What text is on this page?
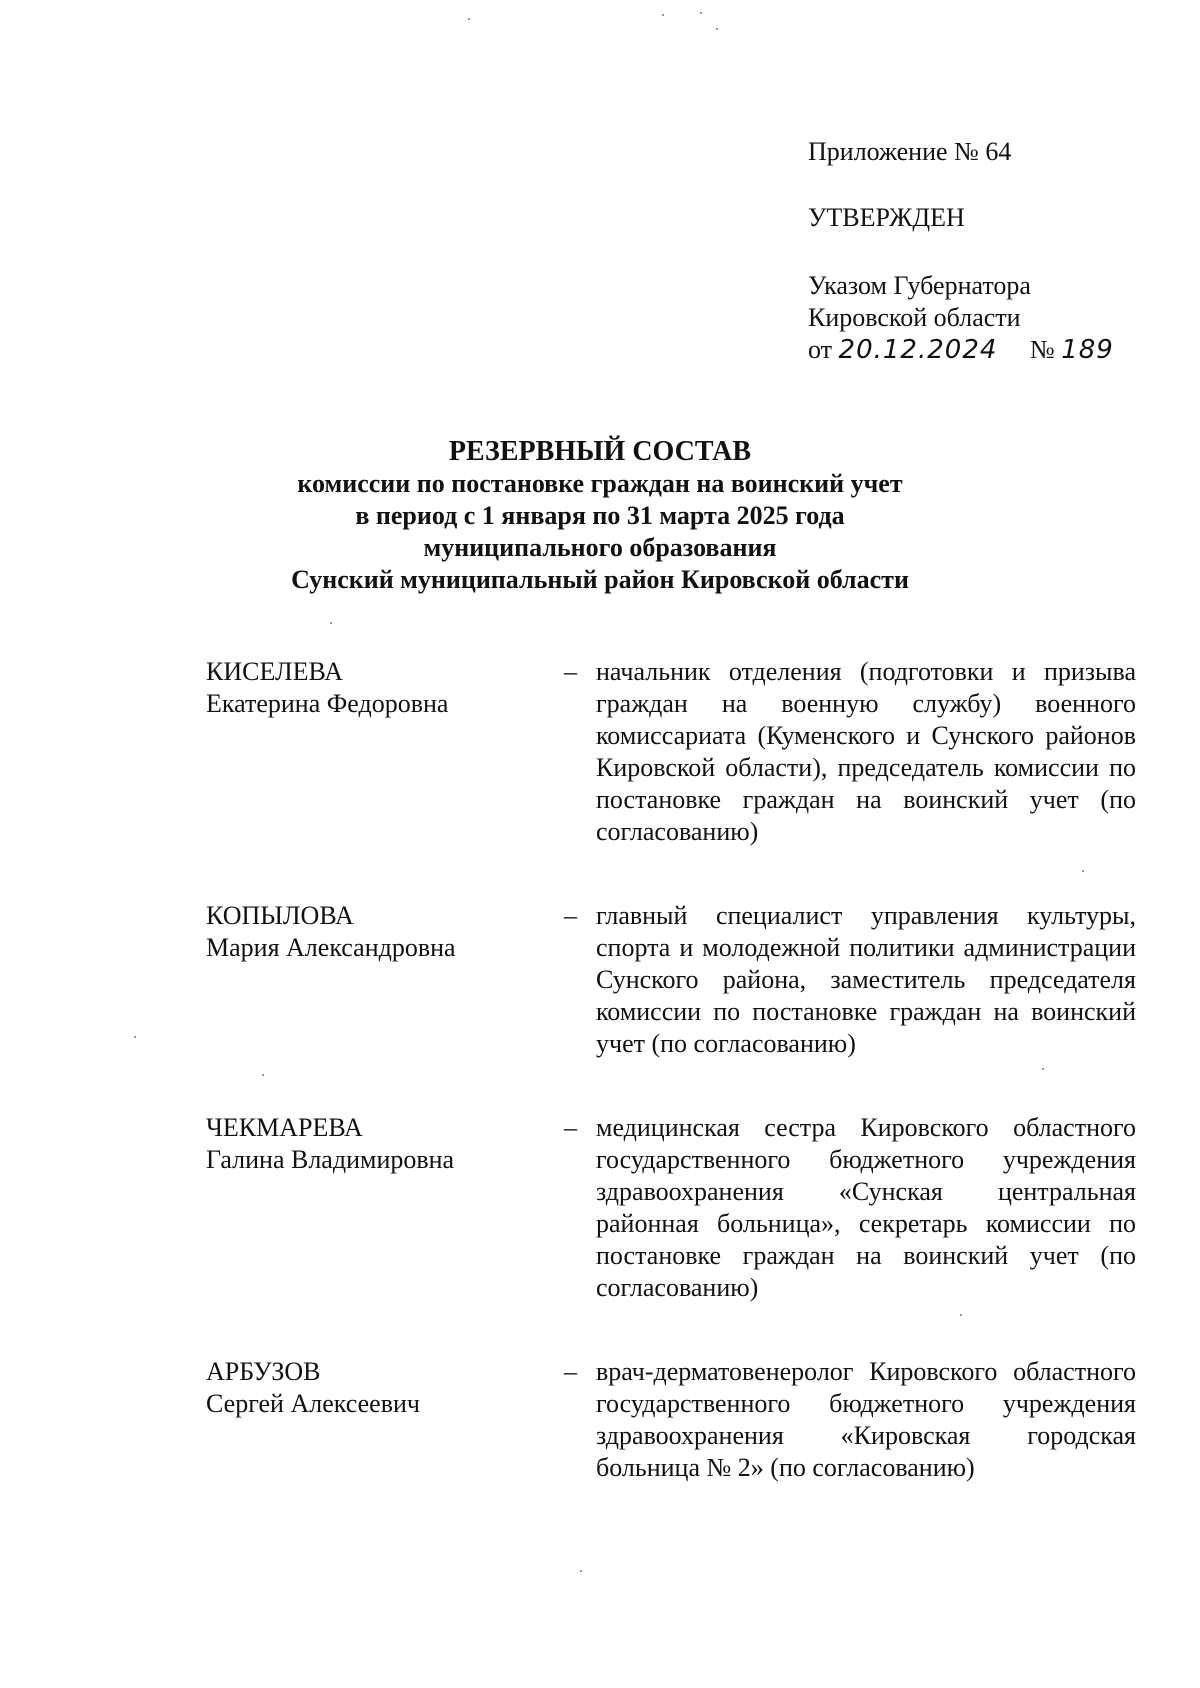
Приложение № 64
УТВЕРЖДЕН
Указом Губернатора
Кировской области
от 20.12.2024 № 189
РЕЗЕРВНЫЙ СОСТАВ
комиссии по постановке граждан на воинский учет
в период с 1 января по 31 марта 2025 года
муниципального образования
Сунский муниципальный район Кировской области
КИСЕЛЕВА
Екатерина Федоровна
– начальник отделения (подготовки и призыва граждан на военную службу) военного комиссариата (Куменского и Сунского районов Кировской области), председатель комиссии по постановке граждан на воинский учет (по согласованию)
КОПЫЛОВА
Мария Александровна
– главный специалист управления культуры, спорта и молодежной политики администрации Сунского района, заместитель председателя комиссии по постановке граждан на воинский учет (по согласованию)
ЧЕКМАРЕВА
Галина Владимировна
– медицинская сестра Кировского областного государственного бюджетного учреждения здравоохранения «Сунская центральная районная больница», секретарь комиссии по постановке граждан на воинский учет (по согласованию)
АРБУЗОВ
Сергей Алексеевич
– врач-дерматовенеролог Кировского областного государственного бюджетного учреждения здравоохранения «Кировская городская больница № 2» (по согласованию)
